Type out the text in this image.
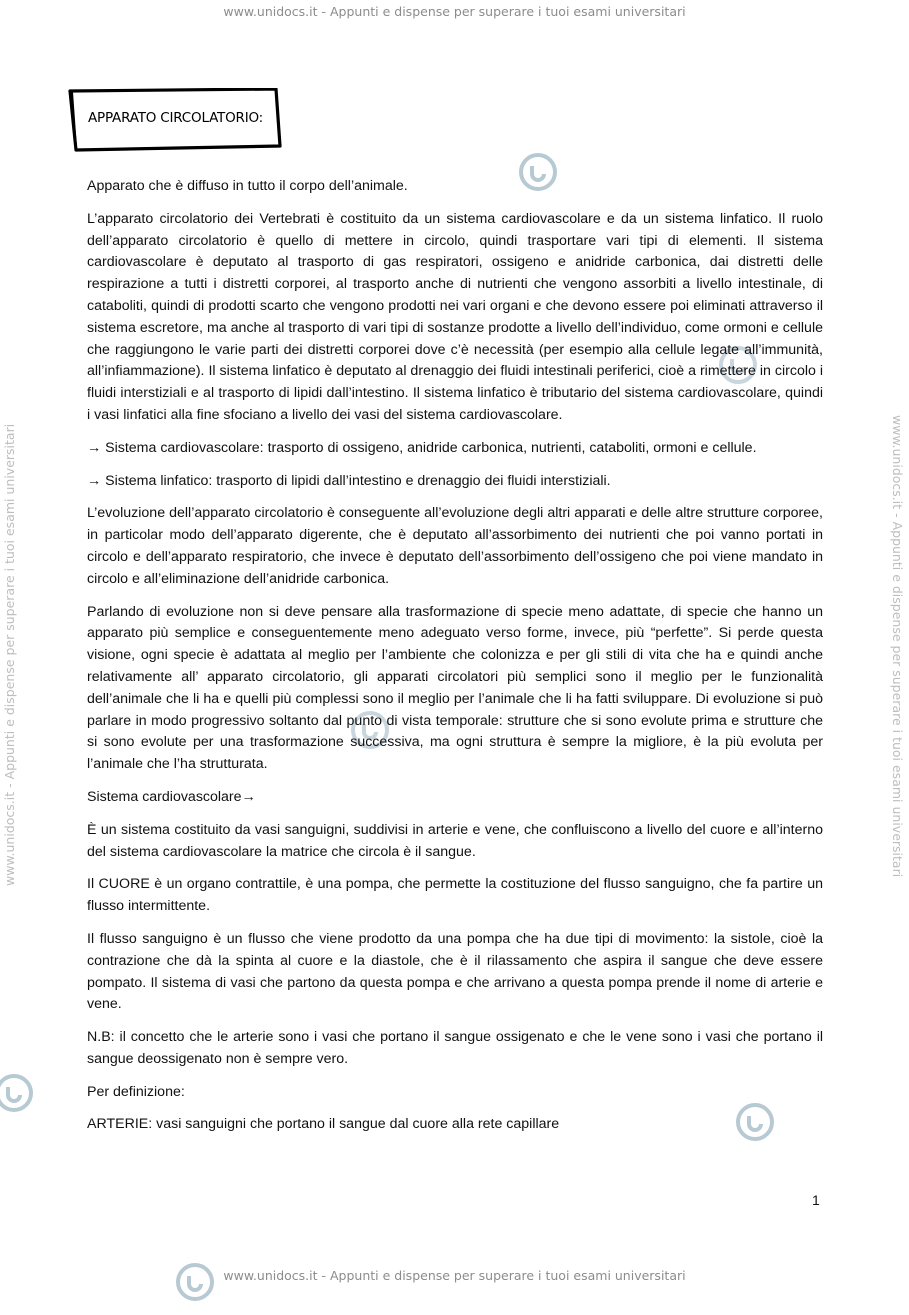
www.unidocs.it - Appunti e dispense per superare i tuoi esami universitari
www.unidocs.it - Appunti e dispense per superare i tuoi esami universitari
www.unidocs.it - Appunti e dispense per superare i tuoi esami universitari	www.unidocs.it - Appunti e dispense per superare i tuoi esami universitari
APPARATO CIRCOLATORIO:

Apparato che è diffuso in tutto il corpo dell’animale.

L’apparato circolatorio dei Vertebrati è costituito da un sistema cardiovascolare e da un sistema linfatico. Il ruolo dell’apparato circolatorio è quello di mettere in circolo, quindi trasportare vari tipi di elementi. Il sistema cardiovascolare è deputato al trasporto di gas respiratori, ossigeno e anidride carbonica, dai distretti delle respirazione a tutti i distretti corporei, al trasporto anche di nutrienti che vengono assorbiti a livello intestinale, di cataboliti, quindi di prodotti scarto che vengono prodotti nei vari organi e che devono essere poi eliminati attraverso il sistema escretore, ma anche al trasporto di vari tipi di sostanze prodotte a livello dell’individuo, come ormoni e cellule che raggiungono le varie parti dei distretti corporei dove c’è necessità (per esempio alla cellule legate all’immunità, all’infiammazione). Il sistema linfatico è deputato al drenaggio dei fluidi intestinali periferici, cioè a rimettere in circolo i fluidi interstiziali e al trasporto di lipidi dall’intestino. Il sistema linfatico è tributario del sistema cardiovascolare, quindi i vasi linfatici alla fine sfociano a livello dei vasi del sistema cardiovascolare.

→ Sistema cardiovascolare: trasporto di ossigeno, anidride carbonica, nutrienti, cataboliti, ormoni e cellule.

→ Sistema linfatico: trasporto di lipidi dall’intestino e drenaggio dei fluidi interstiziali.

L’evoluzione dell’apparato circolatorio è conseguente all’evoluzione degli altri apparati e delle altre strutture corporee, in particolar modo dell’apparato digerente, che è deputato all’assorbimento dei nutrienti che poi vanno portati in circolo e dell’apparato respiratorio, che invece è deputato dell’assorbimento dell’ossigeno che poi viene mandato in circolo e all’eliminazione dell’anidride carbonica.

Parlando di evoluzione non si deve pensare alla trasformazione di specie meno adattate, di specie che hanno un apparato più semplice e conseguentemente meno adeguato verso forme, invece, più “perfette”. Si perde questa visione, ogni specie è adattata al meglio per l’ambiente che colonizza e per gli stili di vita che ha e quindi anche relativamente all’ apparato circolatorio, gli apparati circolatori più semplici sono il meglio per le funzionalità dell’animale che li ha e quelli più complessi sono il meglio per l’animale che li ha fatti sviluppare. Di evoluzione si può parlare in modo progressivo soltanto dal punto di vista temporale: strutture che si sono evolute prima e strutture che si sono evolute per una trasformazione successiva, ma ogni struttura è sempre la migliore, è la più evoluta per l’animale che l’ha strutturata.

Sistema cardiovascolare→

È un sistema costituito da vasi sanguigni, suddivisi in arterie e vene, che confluiscono a livello del cuore e all’interno del sistema cardiovascolare la matrice che circola è il sangue.

Il CUORE è un organo contrattile, è una pompa, che permette la costituzione del flusso sanguigno, che fa partire un flusso intermittente.

Il flusso sanguigno è un flusso che viene prodotto da una pompa che ha due tipi di movimento: la sistole, cioè la contrazione che dà la spinta al cuore e la diastole, che è il rilassamento che aspira il sangue che deve essere pompato. Il sistema di vasi che partono da questa pompa e che arrivano a questa pompa prende il nome di arterie e vene.

N.B: il concetto che le arterie sono i vasi che portano il sangue ossigenato e che le vene sono i vasi che portano il sangue deossigenato non è sempre vero.

Per definizione:

ARTERIE: vasi sanguigni che portano il sangue dal cuore alla rete capillare

1
